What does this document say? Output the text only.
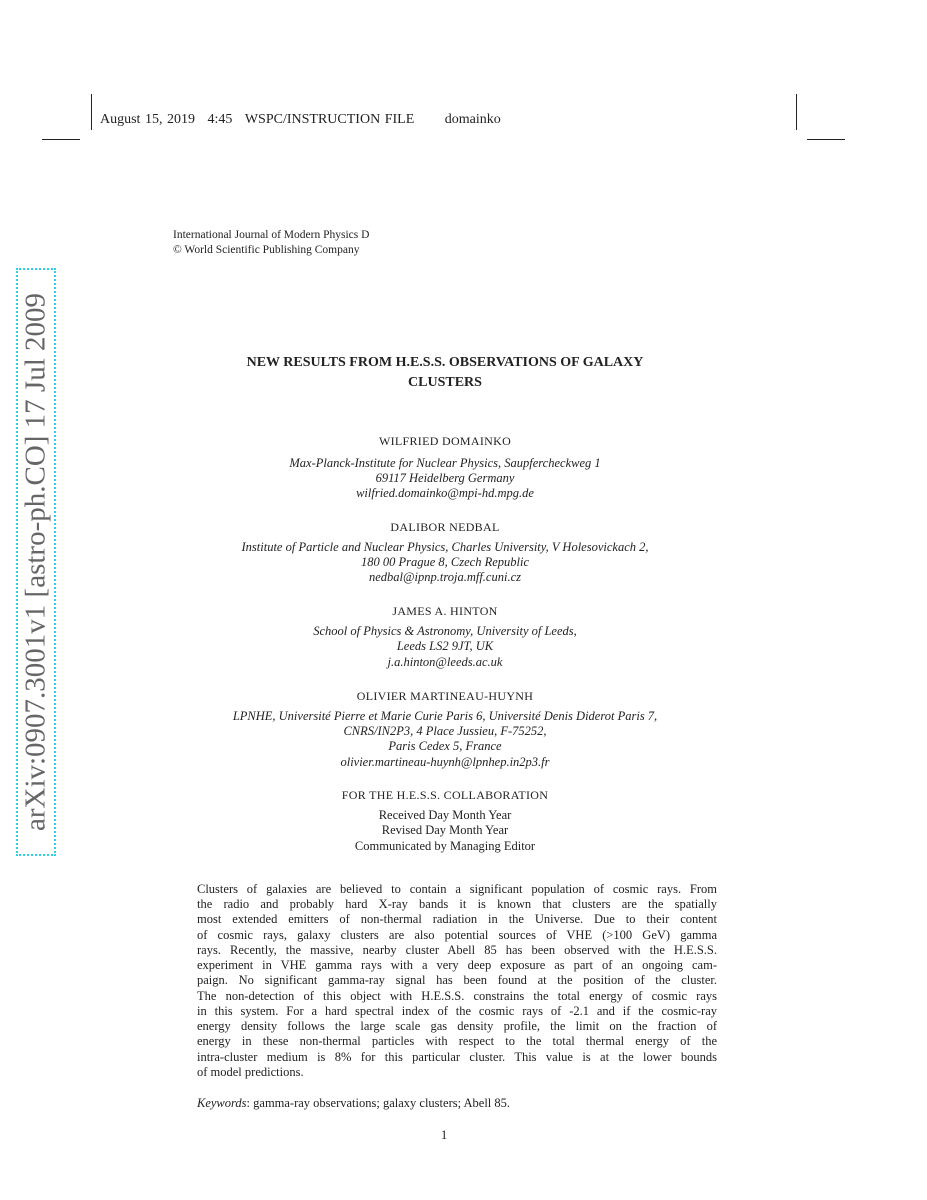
August 15, 2019 4:45 WSPC/INSTRUCTION FILE domainko
arXiv:0907.3001v1 [astro-ph.CO] 17 Jul 2009
International Journal of Modern Physics D
© World Scientific Publishing Company
NEW RESULTS FROM H.E.S.S. OBSERVATIONS OF GALAXY
CLUSTERS
WILFRIED DOMAINKO
Max-Planck-Institute for Nuclear Physics, Saupfercheckweg 1
69117 Heidelberg Germany
wilfried.domainko@mpi-hd.mpg.de
DALIBOR NEDBAL
Institute of Particle and Nuclear Physics, Charles University, V Holesovickach 2,
180 00 Prague 8, Czech Republic
nedbal@ipnp.troja.mff.cuni.cz
JAMES A. HINTON
School of Physics & Astronomy, University of Leeds,
Leeds LS2 9JT, UK
j.a.hinton@leeds.ac.uk
OLIVIER MARTINEAU-HUYNH
LPNHE, Université Pierre et Marie Curie Paris 6, Université Denis Diderot Paris 7,
CNRS/IN2P3, 4 Place Jussieu, F-75252,
Paris Cedex 5, France
olivier.martineau-huynh@lpnhep.in2p3.fr
FOR THE H.E.S.S. COLLABORATION
Received Day Month Year
Revised Day Month Year
Communicated by Managing Editor
Clusters of galaxies are believed to contain a significant population of cosmic rays. From
the radio and probably hard X-ray bands it is known that clusters are the spatially
most extended emitters of non-thermal radiation in the Universe. Due to their content
of cosmic rays, galaxy clusters are also potential sources of VHE (>100 GeV) gamma
rays. Recently, the massive, nearby cluster Abell 85 has been observed with the H.E.S.S.
experiment in VHE gamma rays with a very deep exposure as part of an ongoing cam-
paign. No significant gamma-ray signal has been found at the position of the cluster.
The non-detection of this object with H.E.S.S. constrains the total energy of cosmic rays
in this system. For a hard spectral index of the cosmic rays of -2.1 and if the cosmic-ray
energy density follows the large scale gas density profile, the limit on the fraction of
energy in these non-thermal particles with respect to the total thermal energy of the
intra-cluster medium is 8% for this particular cluster. This value is at the lower bounds
of model predictions.
Keywords: gamma-ray observations; galaxy clusters; Abell 85.
1
